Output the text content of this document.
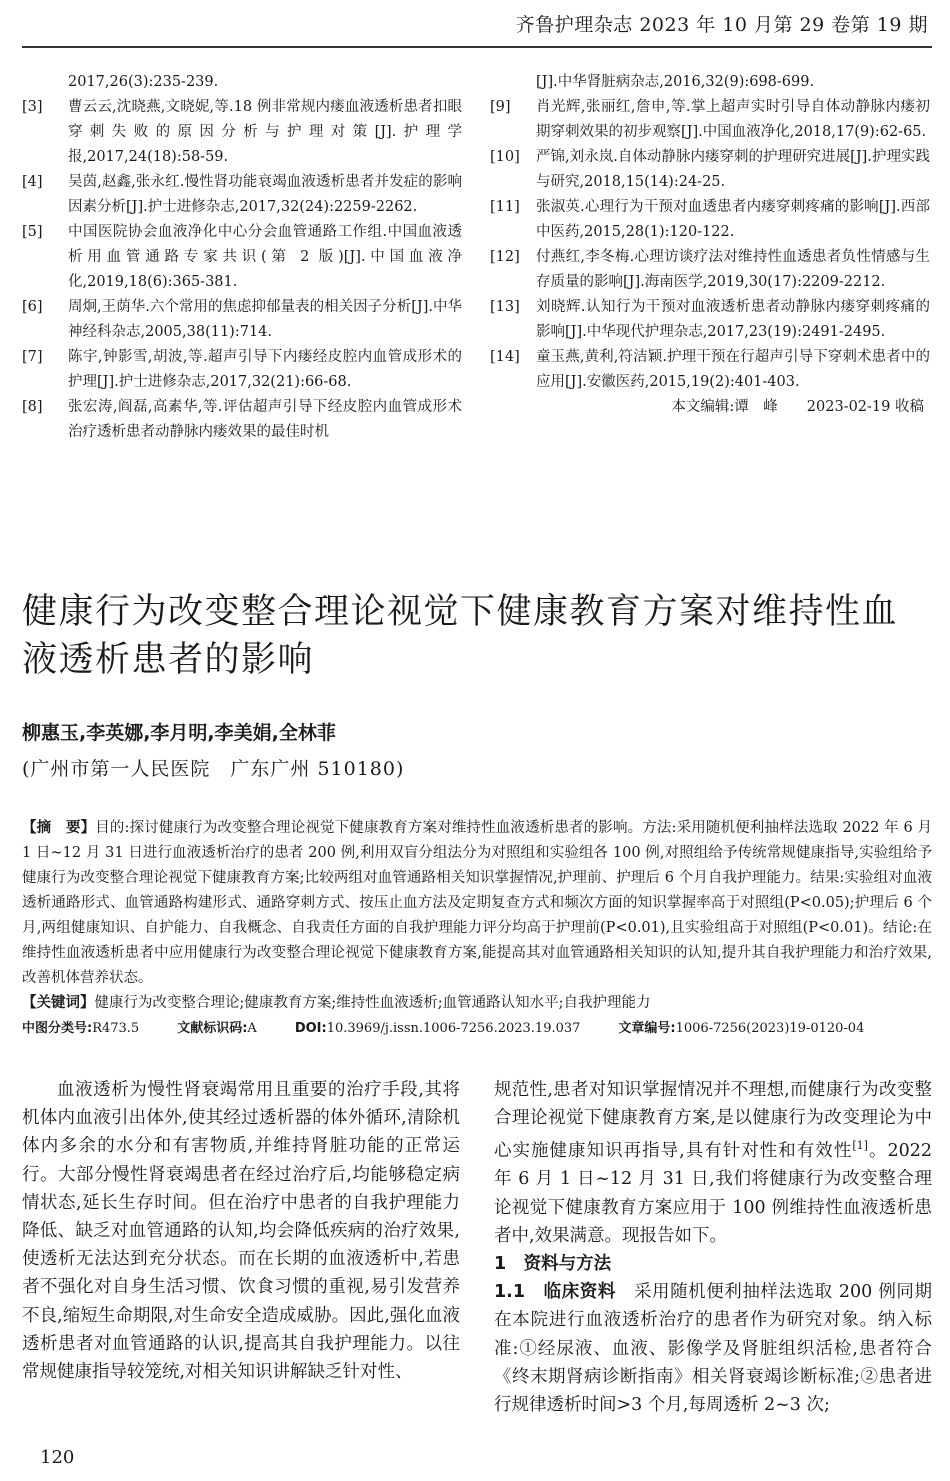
齐鲁护理杂志 2023 年 10 月第 29 卷第 19 期
2017,26(3):235-239.
[3]	曹云云,沈晓燕,文晓妮,等.18 例非常规内瘘血液透析患者扣眼穿刺失败的原因分析与护理对策[J].护理学报,2017,24(18):58-59.
[4]	吴茵,赵鑫,张永红.慢性肾功能衰竭血液透析患者并发症的影响因素分析[J].护士进修杂志,2017,32(24):2259-2262.
[5]	中国医院协会血液净化中心分会血管通路工作组.中国血液透析用血管通路专家共识(第 2 版)[J].中国血液净化,2019,18(6):365-381.
[6]	周炯,王荫华.六个常用的焦虑抑郁量表的相关因子分析[J].中华神经科杂志,2005,38(11):714.
[7]	陈宇,钟影雪,胡波,等.超声引导下内瘘经皮腔内血管成形术的护理[J].护士进修杂志,2017,32(21):66-68.
[8]	张宏涛,阎磊,高素华,等.评估超声引导下经皮腔内血管成形术治疗透析患者动静脉内瘘效果的最佳时机
[J].中华肾脏病杂志,2016,32(9):698-699.
[9]	肖光辉,张丽红,詹申,等.掌上超声实时引导自体动静脉内瘘初期穿刺效果的初步观察[J].中国血液净化,2018,17(9):62-65.
[10]	严锦,刘永岚.自体动静脉内瘘穿刺的护理研究进展[J].护理实践与研究,2018,15(14):24-25.
[11]	张淑英.心理行为干预对血透患者内瘘穿刺疼痛的影响[J].西部中医药,2015,28(1):120-122.
[12]	付燕红,李冬梅.心理访谈疗法对维持性血透患者负性情感与生存质量的影响[J].海南医学,2019,30(17):2209-2212.
[13]	刘晓辉.认知行为干预对血液透析患者动静脉内瘘穿刺疼痛的影响[J].中华现代护理杂志,2017,23(19):2491-2495.
[14]	童玉燕,黄利,符洁颖.护理干预在行超声引导下穿刺术患者中的应用[J].安徽医药,2015,19(2):401-403.
本文编辑:谭　峰　　2023-02-19 收稿
健康行为改变整合理论视觉下健康教育方案对维持性血液透析患者的影响
柳惠玉,李英娜,李月明,李美娟,全林菲
(广州市第一人民医院　广东广州 510180)
【摘　要】目的:探讨健康行为改变整合理论视觉下健康教育方案对维持性血液透析患者的影响。方法:采用随机便利抽样法选取 2022 年 6 月 1 日~12 月 31 日进行血液透析治疗的患者 200 例,利用双盲分组法分为对照组和实验组各 100 例,对照组给予传统常规健康指导,实验组给予健康行为改变整合理论视觉下健康教育方案;比较两组对血管通路相关知识掌握情况,护理前、护理后 6 个月自我护理能力。结果:实验组对血液透析通路形式、血管通路构建形式、通路穿刺方式、按压止血方法及定期复查方式和频次方面的知识掌握率高于对照组(P<0.05);护理后 6 个月,两组健康知识、自护能力、自我概念、自我责任方面的自我护理能力评分均高于护理前(P<0.01),且实验组高于对照组(P<0.01)。结论:在维持性血液透析患者中应用健康行为改变整合理论视觉下健康教育方案,能提高其对血管通路相关知识的认知,提升其自我护理能力和治疗效果,改善机体营养状态。
【关键词】健康行为改变整合理论;健康教育方案;维持性血液透析;血管通路认知水平;自我护理能力
中图分类号:R473.5	文献标识码:A	DOI:10.3969/j.issn.1006-7256.2023.19.037	文章编号:1006-7256(2023)19-0120-04

血液透析为慢性肾衰竭常用且重要的治疗手段,其将机体内血液引出体外,使其经过透析器的体外循环,清除机体内多余的水分和有害物质,并维持肾脏功能的正常运行。大部分慢性肾衰竭患者在经过治疗后,均能够稳定病情状态,延长生存时间。但在治疗中患者的自我护理能力降低、缺乏对血管通路的认知,均会降低疾病的治疗效果,使透析无法达到充分状态。而在长期的血液透析中,若患者不强化对自身生活习惯、饮食习惯的重视,易引发营养不良,缩短生命期限,对生命安全造成威胁。因此,强化血液透析患者对血管通路的认识,提高其自我护理能力。以往常规健康指导较笼统,对相关知识讲解缺乏针对性、

规范性,患者对知识掌握情况并不理想,而健康行为改变整合理论视觉下健康教育方案,是以健康行为改变理论为中心实施健康知识再指导,具有针对性和有效性[1]。2022 年 6 月 1 日~12 月 31 日,我们将健康行为改变整合理论视觉下健康教育方案应用于 100 例维持性血液透析患者中,效果满意。现报告如下。

1　资料与方法

1.1　临床资料　采用随机便利抽样法选取 200 例同期在本院进行血液透析治疗的患者作为研究对象。纳入标准:①经尿液、血液、影像学及肾脏组织活检,患者符合《终末期肾病诊断指南》相关肾衰竭诊断标准;②患者进行规律透析时间>3 个月,每周透析 2~3 次;

120
